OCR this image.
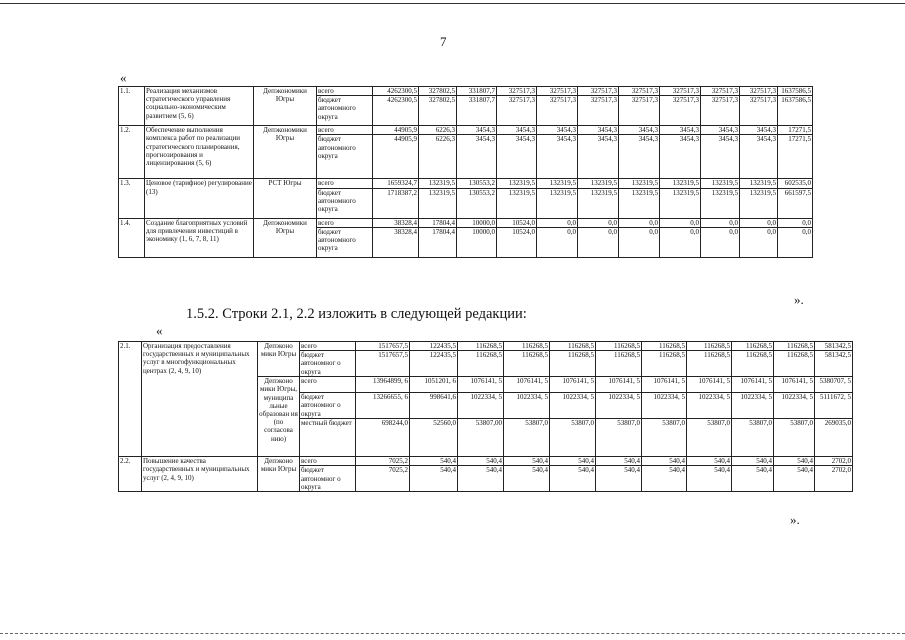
7
«
1.1.	Реализация механизмов стратегического управления социально-экономическим развитием (5, 6)	Депэкономики Югры	всего	4262300,5	327802,5	331807,7	327517,3	327517,3	327517,3	327517,3	327517,3	327517,3	327517,3	1637586,5
			бюджет автономного округа	4262300,5	327802,5	331807,7	327517,3	327517,3	327517,3	327517,3	327517,3	327517,3	327517,3	1637586,5
1.2.	Обеспечение выполнения комплекса работ по реализации стратегического планирования, прогнозирования и лицензирования (5, 6)	Депэкономики Югры	всего	44905,9	6226,3	3454,3	3454,3	3454,3	3454,3	3454,3	3454,3	3454,3	3454,3	17271,5
			бюджет автономного округа	44905,9	6226,3	3454,3	3454,3	3454,3	3454,3	3454,3	3454,3	3454,3	3454,3	17271,5
1.3.	Ценовое (тарифное) регулирование (13)	РСТ Югры	всего	1659324,7	132319,5	130553,2	132319,5	132319,5	132319,5	132319,5	132319,5	132319,5	132319,5	602535,0
			бюджет автономного округа	1718387,2	132319,5	130553,2	132319,5	132319,5	132319,5	132319,5	132319,5	132319,5	132319,5	661597,5
1.4.	Создание благоприятных условий для привлечения инвестиций в экономику (1, 6, 7, 8, 11)	Депэкономики Югры	всего	38328,4	17804,4	10000,0	10524,0	0,0	0,0	0,0	0,0	0,0	0,0	0,0
			бюджет автономного округа	38328,4	17804,4	10000,0	10524,0	0,0	0,0	0,0	0,0	0,0	0,0	0,0
».
1.5.2. Строки 2.1, 2.2 изложить в следующей редакции:
«
2.1.	Организация предоставления государственных и муниципальных услуг в многофункциональных центрах (2, 4, 9, 10)	Депэконо мики Югры	всего	1517657,5	122435,5	116268,5	116268,5	116268,5	116268,5	116268,5	116268,5	116268,5	116268,5	581342,5
			бюджет автономног о округа	1517657,5	122435,5	116268,5	116268,5	116268,5	116268,5	116268,5	116268,5	116268,5	116268,5	581342,5
		Депэконо мики Югры, муниципа льные образован ия (по согласова нию)	всего	13964899, 6	1051201, 6	1076141, 5	1076141, 5	1076141, 5	1076141, 5	1076141, 5	1076141, 5	1076141, 5	1076141, 5	5380707, 5
			бюджет автономног о округа	13266655, 6	998641,6	1022334, 5	1022334, 5	1022334, 5	1022334, 5	1022334, 5	1022334, 5	1022334, 5	1022334, 5	5111672, 5
			местный бюджет	698244,0	52560,0	53807,00	53807,0	53807,0	53807,0	53807,0	53807,0	53807,0	53807,0	269035,0
2.2.	Повышение качества государственных и муниципальных услуг (2, 4, 9, 10)	Депэконо мики Югры	всего	7025,2	540,4	540,4	540,4	540,4	540,4	540,4	540,4	540,4	540,4	2702,0
			бюджет автономног о округа	7025,2	540,4	540,4	540,4	540,4	540,4	540,4	540,4	540,4	540,4	2702,0
».
